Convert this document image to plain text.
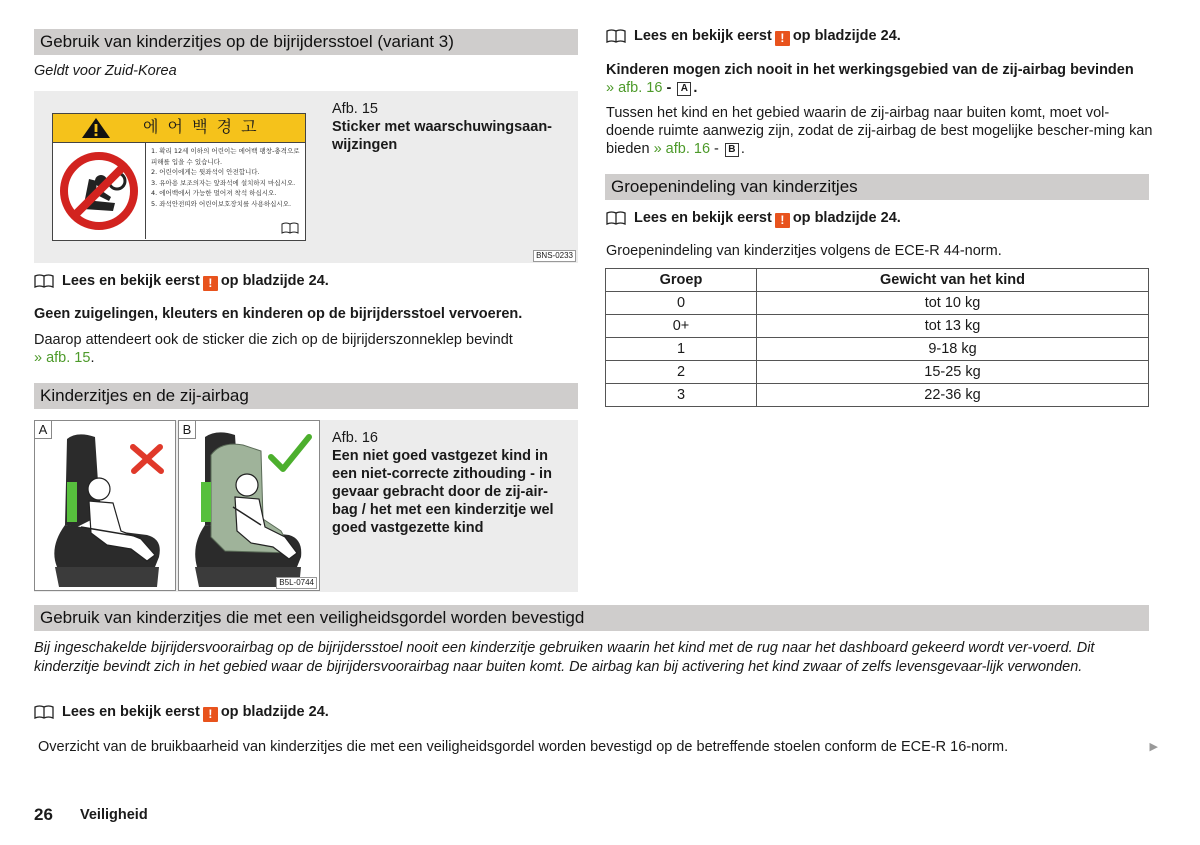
Gebruik van kinderzitjes op de bijrijdersstoel (variant 3)
Geldt voor Zuid-Korea
에 어 백 경 고
1. 확리 12세 이하의 어린이는 에어백 팽창-충격으로 피해를 입을 수 있습니다.
2. 어린이에게는 뒷좌석이 안전합니다.
3. 유아용 보조의자는 앞좌석에 설치하지 마십시오.
4. 에어백에서 가능한 멀어져 착석 하십시오.
5. 좌석안전띠와 어린이보호장치를 사용하십시오.
BNS-0233
Afb. 15
Sticker met waarschuwingsaan-wijzingen
Lees en bekijk eerst ! op bladzijde 24.
Geen zuigelingen, kleuters en kinderen op de bijrijdersstoel vervoeren.
Daarop attendeert ook de sticker die zich op de bijrijderszonneklep bevindt
» afb. 15.
Kinderzitjes en de zij-airbag
A	B
B5L-0744
Afb. 16
Een niet goed vastgezet kind in een niet-correcte zithouding - in gevaar gebracht door de zij-air-bag / het met een kinderzitje wel goed vastgezette kind
Lees en bekijk eerst ! op bladzijde 24.
Kinderen mogen zich nooit in het werkingsgebied van de zij-airbag bevinden
» afb. 16 - A .
Tussen het kind en het gebied waarin de zij-airbag naar buiten komt, moet vol-doende ruimte aanwezig zijn, zodat de zij-airbag de best mogelijke bescher-ming kan bieden » afb. 16 - B .
Groepenindeling van kinderzitjes
Lees en bekijk eerst ! op bladzijde 24.
Groepenindeling van kinderzitjes volgens de ECE-R 44-norm.
Groep	Gewicht van het kind
0	tot 10 kg
0+	tot 13 kg
1	9-18 kg
2	15-25 kg
3	22-36 kg
Gebruik van kinderzitjes die met een veiligheidsgordel worden bevestigd
Bij ingeschakelde bijrijdersvoorairbag op de bijrijdersstoel nooit een kinderzitje gebruiken waarin het kind met de rug naar het dashboard gekeerd wordt ver-voerd. Dit kinderzitje bevindt zich in het gebied waar de bijrijdersvoorairbag naar buiten komt. De airbag kan bij activering het kind zwaar of zelfs levensgevaar-lijk verwonden.
Lees en bekijk eerst ! op bladzijde 24.
Overzicht van de bruikbaarheid van kinderzitjes die met een veiligheidsgordel worden bevestigd op de betreffende stoelen conform de ECE-R 16-norm.	▶
26 Veiligheid
